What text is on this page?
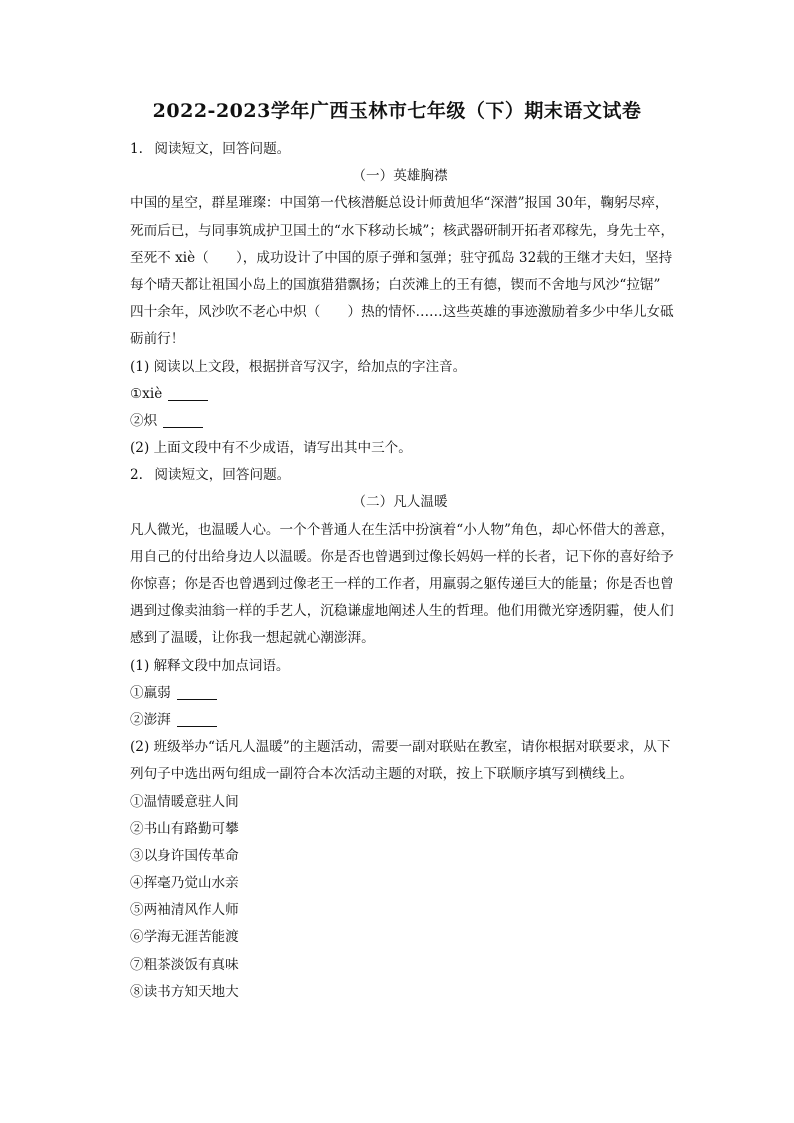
2022-2023学年广西玉林市七年级（下）期末语文试卷
1. 阅读短文，回答问题。
（一）英雄胸襟
中国的星空，群星璀璨：中国第一代核潜艇总设计师黄旭华“深潜”报国 30年，鞠躬尽瘁，
死而后已，与同事筑成护卫国土的“水下移动长城”；核武器研制开拓者邓稼先，身先士卒，
至死不 xiè（　　），成功设计了中国的原子弹和氢弹；驻守孤岛 32载的王继才夫妇，坚持
每个晴天都让祖国小岛上的国旗猎猎飘扬；白茨滩上的王有德，锲而不舍地与风沙“拉锯”
四十余年，风沙吹不老心中炽（　　）热的情怀……这些英雄的事迹激励着多少中华儿女砥
砺前行！
(1) 阅读以上文段，根据拼音写汉字，给加点的字注音。
①xiè
②炽
(2) 上面文段中有不少成语，请写出其中三个。
2. 阅读短文，回答问题。
（二）凡人温暖
凡人微光，也温暖人心。一个个普通人在生活中扮演着“小人物”角色，却心怀借大的善意，
用自己的付出给身边人以温暖。你是否也曾遇到过像长妈妈一样的长者，记下你的喜好给予
你惊喜；你是否也曾遇到过像老王一样的工作者，用羸弱之躯传递巨大的能量；你是否也曾
遇到过像卖油翁一样的手艺人，沉稳谦虚地阐述人生的哲理。他们用微光穿透阴霾，使人们
感到了温暖，让你我一想起就心潮澎湃。
(1) 解释文段中加点词语。
①羸弱
②澎湃
(2) 班级举办“话凡人温暖”的主题活动，需要一副对联贴在教室，请你根据对联要求，从下
列句子中选出两句组成一副符合本次活动主题的对联，按上下联顺序填写到横线上。
①温情暖意驻人间
②书山有路勤可攀
③以身许国传革命
④挥毫乃觉山水亲
⑤两袖清风作人师
⑥学海无涯苦能渡
⑦粗茶淡饭有真味
⑧读书方知天地大
